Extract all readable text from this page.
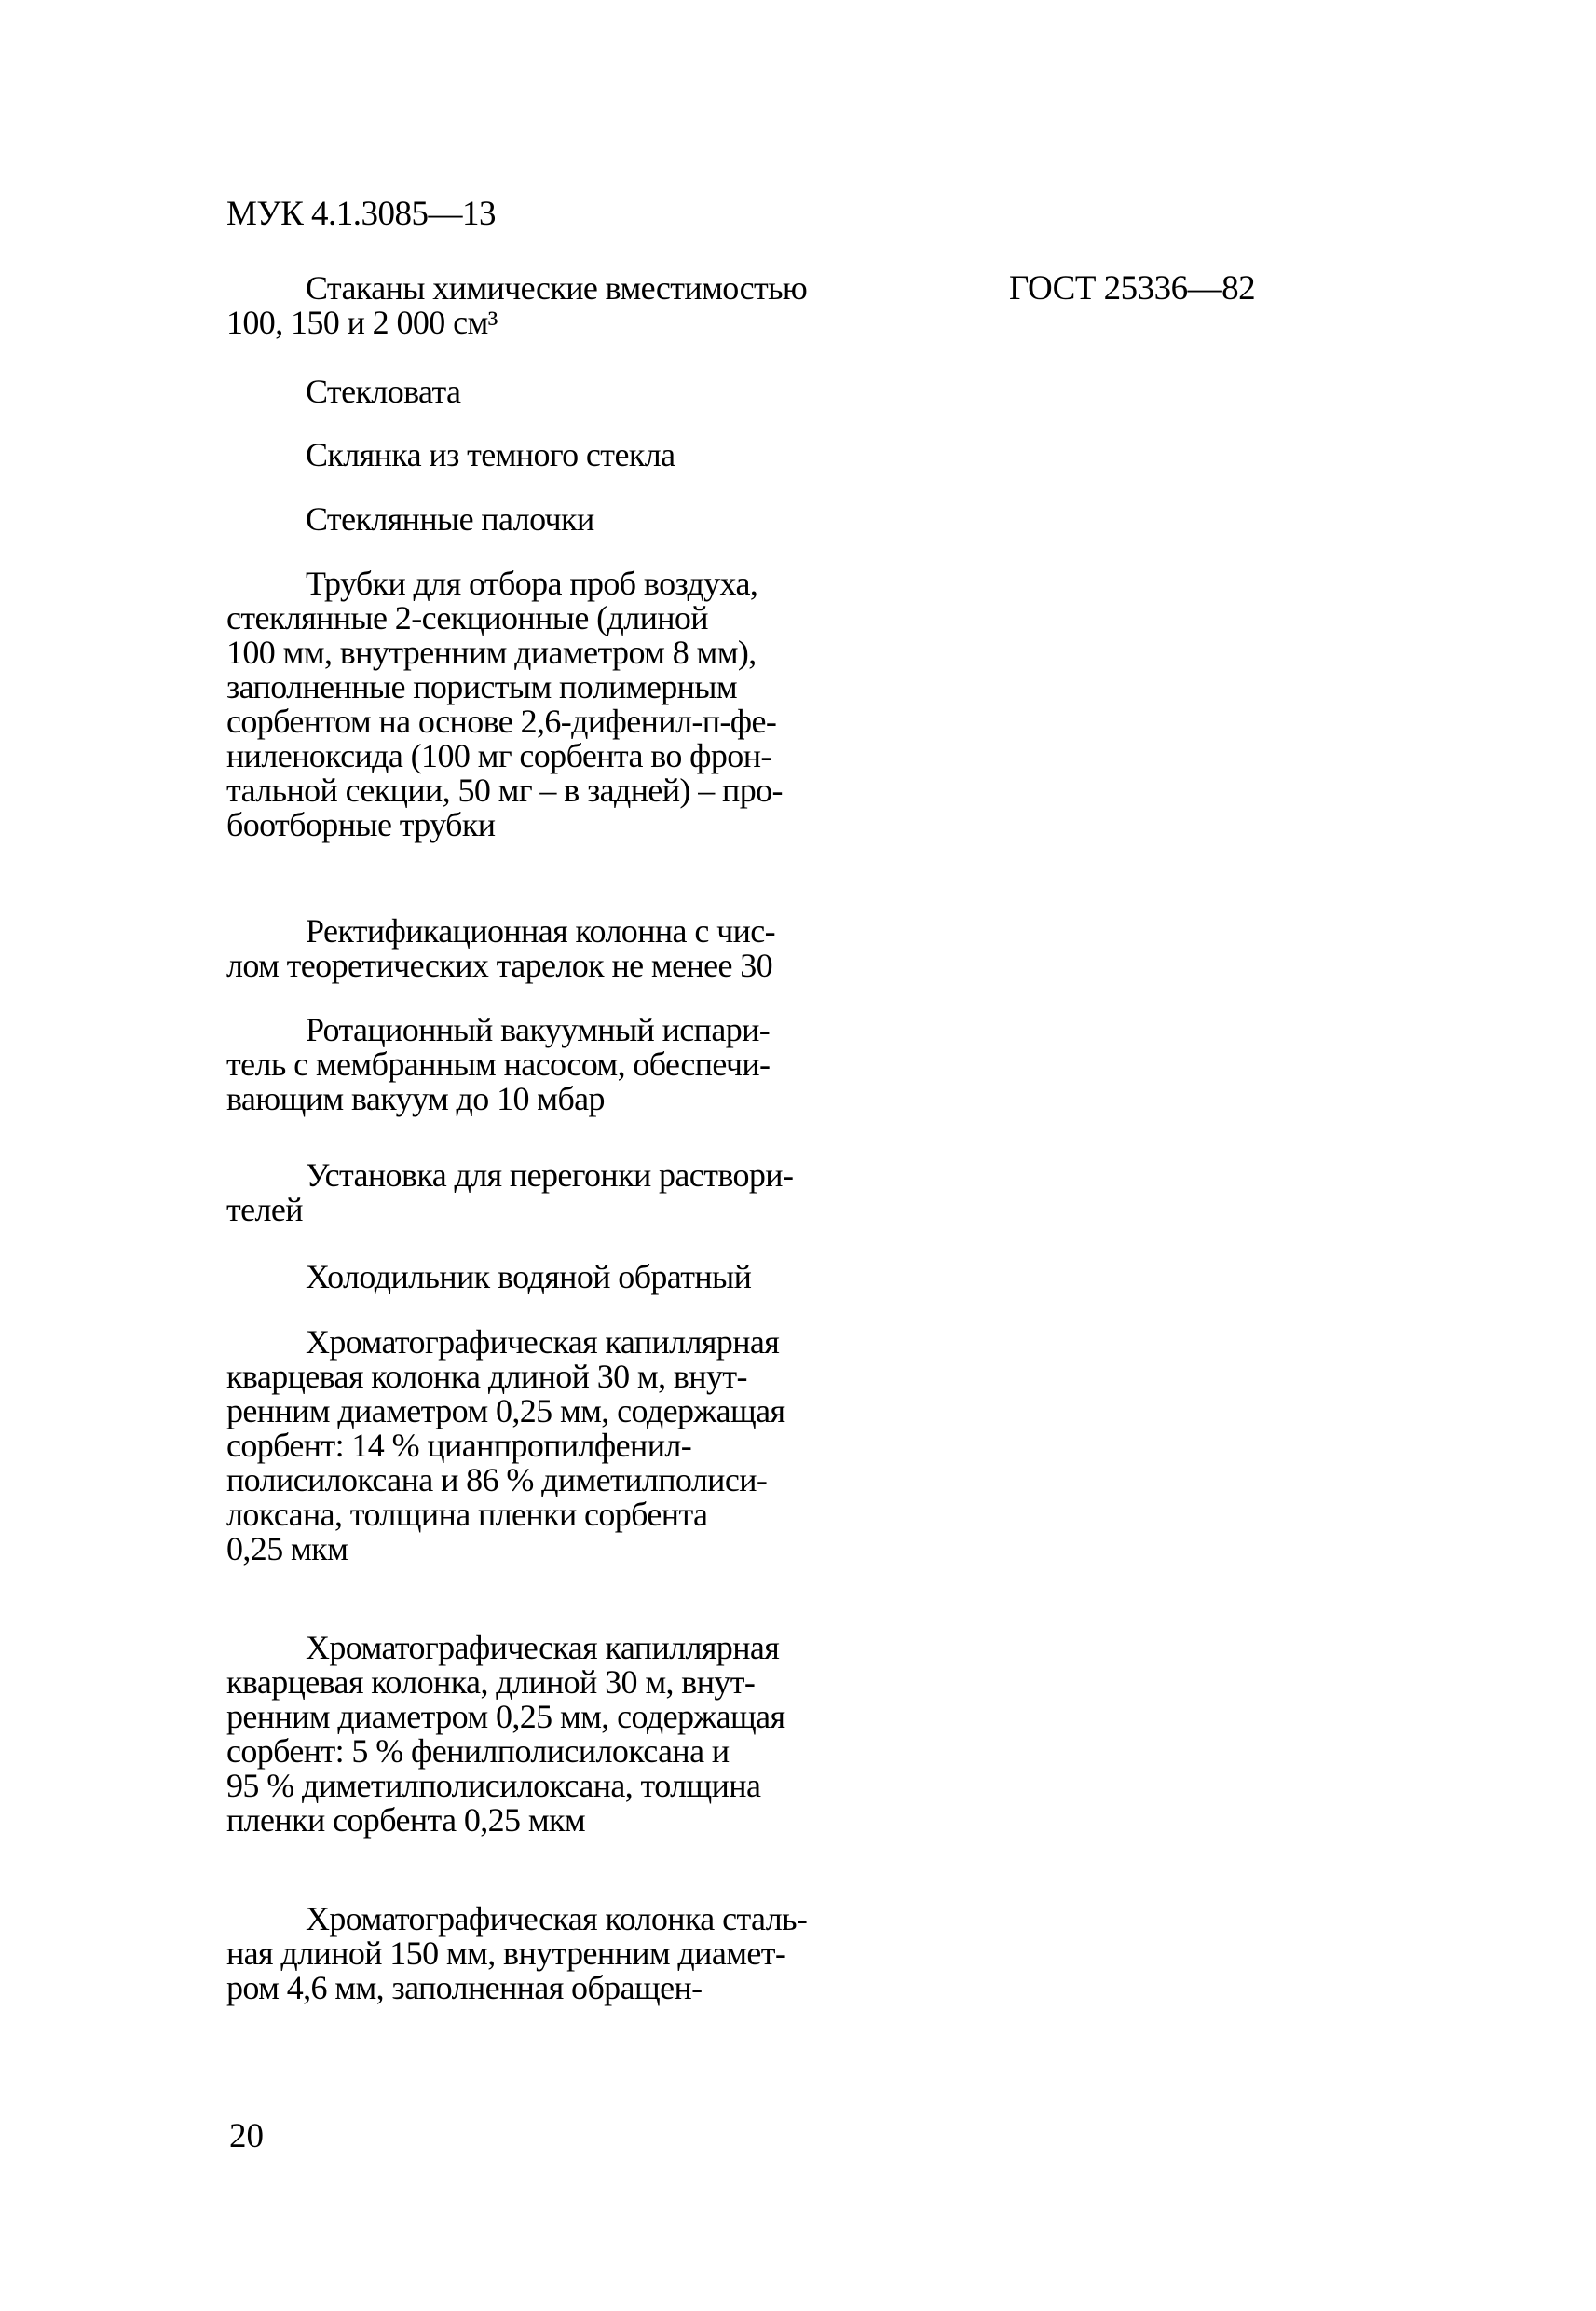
МУК 4.1.3085—13
ГОСТ 25336—82
Стаканы химические вместимостью
100, 150 и 2 000 см³
Стекловата
Склянка из темного стекла
Стеклянные палочки
Трубки для отбора проб воздуха,
стеклянные 2-секционные (длиной
100 мм, внутренним диаметром 8 мм),
заполненные пористым полимерным
сорбентом на основе 2,6-дифенил-п-фе-
ниленоксида (100 мг сорбента во фрон-
тальной секции, 50 мг – в задней) – про-
боотборные трубки
Ректификационная колонна с чис-
лом теоретических тарелок не менее 30
Ротационный вакуумный испари-
тель с мембранным насосом, обеспечи-
вающим вакуум до 10 мбар
Установка для перегонки раствори-
телей
Холодильник водяной обратный
Хроматографическая капиллярная
кварцевая колонка длиной 30 м, внут-
ренним диаметром 0,25 мм, содержащая
сорбент: 14 % цианпропилфенил-
полисилоксана и 86 % диметилполиси-
локсана, толщина пленки сорбента
0,25 мкм
Хроматографическая капиллярная
кварцевая колонка, длиной 30 м, внут-
ренним диаметром 0,25 мм, содержащая
сорбент: 5 % фенилполисилоксана и
95 % диметилполисилоксана, толщина
пленки сорбента 0,25 мкм
Хроматографическая колонка сталь-
ная длиной 150 мм, внутренним диамет-
ром 4,6 мм, заполненная обращен-
20
